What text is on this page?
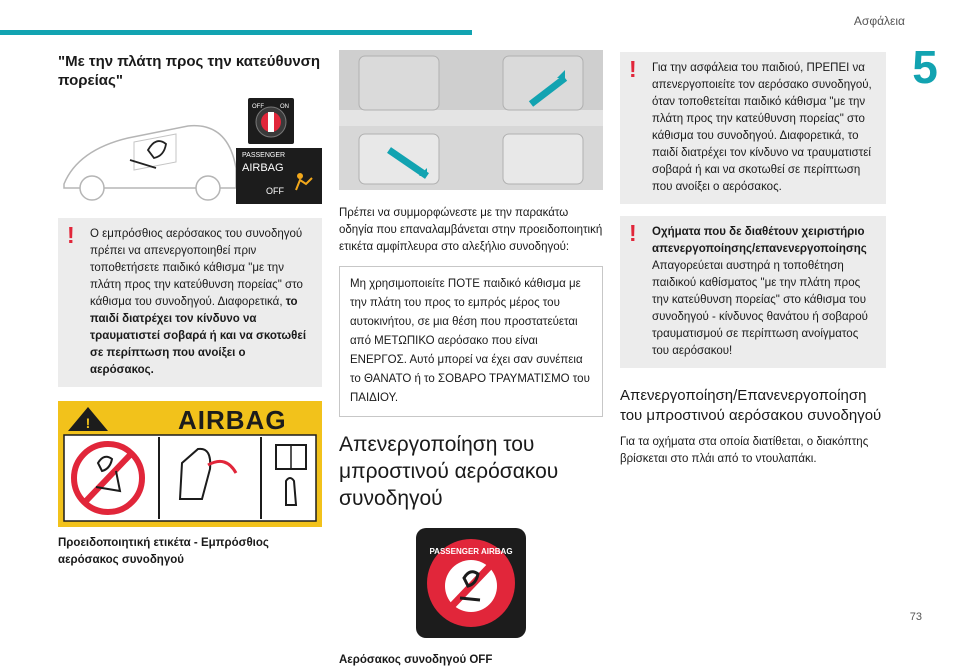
Ασφάλεια
5
73
"Με την πλάτη προς την κατεύθυνση πορείας"
OFF	ON
PASSENGER
AIRBAG
OFF
! Ο εμπρόσθιος αερόσακος του συνοδηγού πρέπει να απενεργοποιηθεί πριν τοποθετήσετε παιδικό κάθισμα "με την πλάτη προς την κατεύθυνση πορείας" στο κάθισμα του συνοδηγού. Διαφορετικά, το παιδί διατρέχει τον κίνδυνο να τραυματιστεί σοβαρά ή και να σκοτωθεί σε περίπτωση που ανοίξει ο αερόσακος.
!	AIRBAG

Προειδοποιητική ετικέτα - Εμπρόσθιος αερόσακος συνοδηγού

Πρέπει να συμμορφώνεστε με την παρακάτω οδηγία που επαναλαμβάνεται στην προειδοποιητική ετικέτα αμφίπλευρα στο αλεξήλιο συνοδηγού:

Μη χρησιμοποιείτε ΠΟΤΕ παιδικό κάθισμα με την πλάτη του προς το εμπρός μέρος του αυτοκινήτου, σε μια θέση που προστατεύεται από ΜΕΤΩΠΙΚΟ αερόσακο που είναι ΕΝΕΡΓΟΣ. Αυτό μπορεί να έχει σαν συνέπεια το ΘΑΝΑΤΟ ή το ΣΟΒΑΡΟ ΤΡΑΥΜΑΤΙΣΜΟ του ΠΑΙΔΙΟΥ.
Απενεργοποίηση του μπροστινού αερόσακου συνοδηγού
PASSENGER AIRBAG

Αερόσακος συνοδηγού OFF

! Για την ασφάλεια του παιδιού, ΠΡΕΠΕΙ να απενεργοποιείτε τον αερόσακο συνοδηγού, όταν τοποθετείται παιδικό κάθισμα "με την πλάτη προς την κατεύθυνση πορείας" στο κάθισμα του συνοδηγού. Διαφορετικά, το παιδί διατρέχει τον κίνδυνο να τραυματιστεί σοβαρά ή και να σκοτωθεί σε περίπτωση που ανοίξει ο αερόσακος.
! Οχήματα που δε διαθέτουν χειριστήριο απενεργοποίησης/επανενεργοποίησης
Απαγορεύεται αυστηρά η τοποθέτηση παιδικού καθίσματος "με την πλάτη προς την κατεύθυνση πορείας" στο κάθισμα του συνοδηγού - κίνδυνος θανάτου ή σοβαρού τραυματισμού σε περίπτωση ανοίγματος του αερόσακου!
Απενεργοποίηση/Επανενεργοποίηση του μπροστινού αερόσακου συνοδηγού

Για τα οχήματα στα οποία διατίθεται, ο διακόπτης βρίσκεται στο πλάι από το ντουλαπάκι.
